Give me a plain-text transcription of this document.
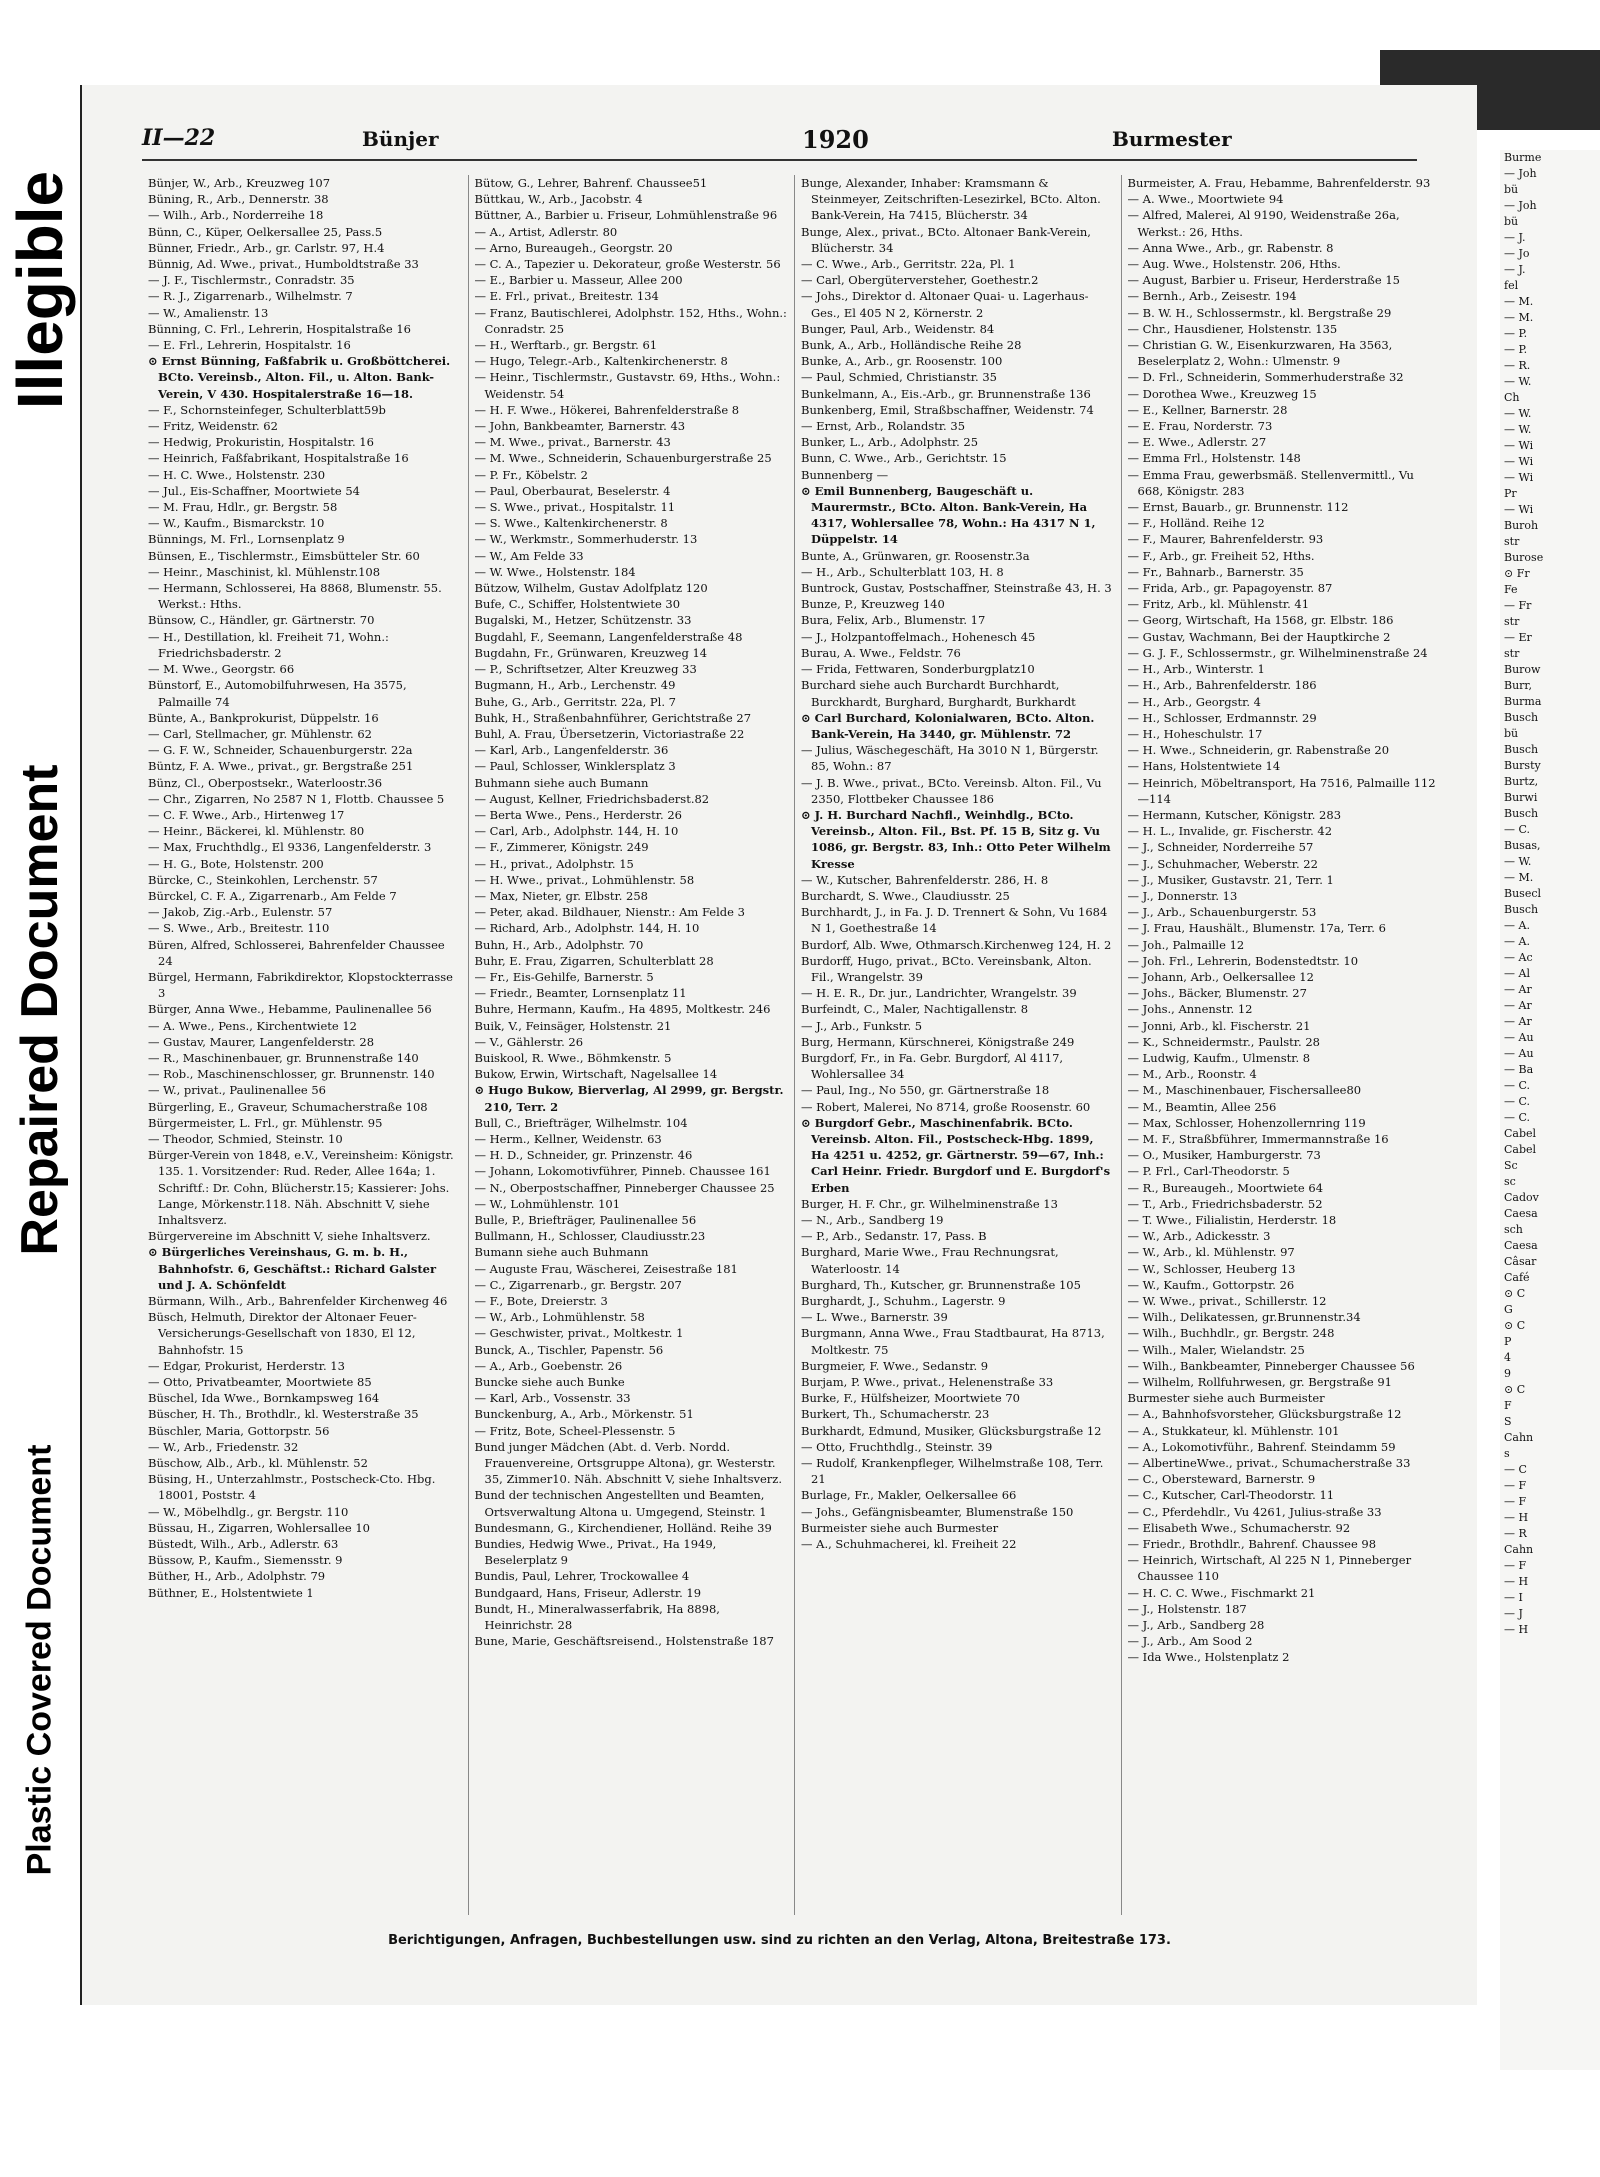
Illegible
Repaired Document
Plastic Covered Document
II—22	Bünjer	1920	Burmester

Bünjer, W., Arb., Kreuzweg 107

Büning, R., Arb., Dennerstr. 38

— Wilh., Arb., Norderreihe 18

Bünn, C., Küper, Oelkersallee 25, Pass.5

Bünner, Friedr., Arb., gr. Carlstr. 97, H.4

Bünnig, Ad. Wwe., privat., Humboldtstraße 33

— J. F., Tischlermstr., Conradstr. 35

— R. J., Zigarrenarb., Wilhelmstr. 7

— W., Amalienstr. 13

Bünning, C. Frl., Lehrerin, Hospitalstraße 16

— E. Frl., Lehrerin, Hospitalstr. 16

⊙ Ernst Bünning, Faßfabrik u. Großböttcherei. BCto. Vereinsb., Alton. Fil., u. Alton. Bank-Verein, V 430. Hospitalerstraße 16—18.

— F., Schornsteinfeger, Schulterblatt59b

— Fritz, Weidenstr. 62

— Hedwig, Prokuristin, Hospitalstr. 16

— Heinrich, Faßfabrikant, Hospitalstraße 16

— H. C. Wwe., Holstenstr. 230

— Jul., Eis-Schaffner, Moortwiete 54

— M. Frau, Hdlr., gr. Bergstr. 58

— W., Kaufm., Bismarckstr. 10

Bünnings, M. Frl., Lornsenplatz 9

Bünsen, E., Tischlermstr., Eimsbütteler Str. 60

— Heinr., Maschinist, kl. Mühlenstr.108

— Hermann, Schlosserei, Ha 8868, Blumenstr. 55. Werkst.: Hths.

Bünsow, C., Händler, gr. Gärtnerstr. 70

— H., Destillation, kl. Freiheit 71, Wohn.: Friedrichsbaderstr. 2

— M. Wwe., Georgstr. 66

Bünstorf, E., Automobilfuhrwesen, Ha 3575, Palmaille 74

Bünte, A., Bankprokurist, Düppelstr. 16

— Carl, Stellmacher, gr. Mühlenstr. 62

— G. F. W., Schneider, Schauenburgerstr. 22a

Büntz, F. A. Wwe., privat., gr. Bergstraße 251

Bünz, Cl., Oberpostsekr., Waterloostr.36

— Chr., Zigarren, No 2587 N 1, Flottb. Chaussee 5

— C. F. Wwe., Arb., Hirtenweg 17

— Heinr., Bäckerei, kl. Mühlenstr. 80

— Max, Fruchthdlg., El 9336, Langenfelderstr. 3

— H. G., Bote, Holstenstr. 200

Bürcke, C., Steinkohlen, Lerchenstr. 57

Bürckel, C. F. A., Zigarrenarb., Am Felde 7

— Jakob, Zig.-Arb., Eulenstr. 57

— S. Wwe., Arb., Breitestr. 110

Büren, Alfred, Schlosserei, Bahrenfelder Chaussee 24

Bürgel, Hermann, Fabrikdirektor, Klopstockterrasse 3

Bürger, Anna Wwe., Hebamme, Paulinenallee 56

— A. Wwe., Pens., Kirchentwiete 12

— Gustav, Maurer, Langenfelderstr. 28

— R., Maschinenbauer, gr. Brunnenstraße 140

— Rob., Maschinenschlosser, gr. Brunnenstr. 140

— W., privat., Paulinenallee 56

Bürgerling, E., Graveur, Schumacherstraße 108

Bürgermeister, L. Frl., gr. Mühlenstr. 95

— Theodor, Schmied, Steinstr. 10

Bürger-Verein von 1848, e.V., Vereinsheim: Königstr. 135. 1. Vorsitzender: Rud. Reder, Allee 164a; 1. Schriftf.: Dr. Cohn, Blücherstr.15; Kassierer: Johs. Lange, Mörkenstr.118. Näh. Abschnitt V, siehe Inhaltsverz.

Bürgervereine im Abschnitt V, siehe Inhaltsverz.

⊙ Bürgerliches Vereinshaus, G. m. b. H., Bahnhofstr. 6, Geschäftst.: Richard Galster und J. A. Schönfeldt

Bürmann, Wilh., Arb., Bahrenfelder Kirchenweg 46

Büsch, Helmuth, Direktor der Altonaer Feuer-Versicherungs-Gesellschaft von 1830, El 12, Bahnhofstr. 15

— Edgar, Prokurist, Herderstr. 13

— Otto, Privatbeamter, Moortwiete 85

Büschel, Ida Wwe., Bornkampsweg 164

Büscher, H. Th., Brothdlr., kl. Westerstraße 35

Büschler, Maria, Gottorpstr. 56

— W., Arb., Friedenstr. 32

Büschow, Alb., Arb., kl. Mühlenstr. 52

Büsing, H., Unterzahlmstr., Postscheck-Cto. Hbg. 18001, Poststr. 4

— W., Möbelhdlg., gr. Bergstr. 110

Büssau, H., Zigarren, Wohlersallee 10

Büstedt, Wilh., Arb., Adlerstr. 63

Büssow, P., Kaufm., Siemensstr. 9

Büther, H., Arb., Adolphstr. 79

Büthner, E., Holstentwiete 1

Bütow, G., Lehrer, Bahrenf. Chaussee51

Büttkau, W., Arb., Jacobstr. 4

Büttner, A., Barbier u. Friseur, Lohmühlenstraße 96

— A., Artist, Adlerstr. 80

— Arno, Bureaugeh., Georgstr. 20

— C. A., Tapezier u. Dekorateur, große Westerstr. 56

— E., Barbier u. Masseur, Allee 200

— E. Frl., privat., Breitestr. 134

— Franz, Bautischlerei, Adolphstr. 152, Hths., Wohn.: Conradstr. 25

— H., Werftarb., gr. Bergstr. 61

— Hugo, Telegr.-Arb., Kaltenkirchenerstr. 8

— Heinr., Tischlermstr., Gustavstr. 69, Hths., Wohn.: Weidenstr. 54

— H. F. Wwe., Hökerei, Bahrenfelderstraße 8

— John, Bankbeamter, Barnerstr. 43

— M. Wwe., privat., Barnerstr. 43

— M. Wwe., Schneiderin, Schauenburgerstraße 25

— P. Fr., Köbelstr. 2

— Paul, Oberbaurat, Beselerstr. 4

— S. Wwe., privat., Hospitalstr. 11

— S. Wwe., Kaltenkirchenerstr. 8

— W., Werkmstr., Sommerhuderstr. 13

— W., Am Felde 33

— W. Wwe., Holstenstr. 184

Bützow, Wilhelm, Gustav Adolfplatz 120

Bufe, C., Schiffer, Holstentwiete 30

Bugalski, M., Hetzer, Schützenstr. 33

Bugdahl, F., Seemann, Langenfelderstraße 48

Bugdahn, Fr., Grünwaren, Kreuzweg 14

— P., Schriftsetzer, Alter Kreuzweg 33

Bugmann, H., Arb., Lerchenstr. 49

Buhe, G., Arb., Gerritstr. 22a, Pl. 7

Buhk, H., Straßenbahnführer, Gerichtstraße 27

Buhl, A. Frau, Übersetzerin, Victoriastraße 22

— Karl, Arb., Langenfelderstr. 36

— Paul, Schlosser, Winklersplatz 3

Buhmann siehe auch Bumann

— August, Kellner, Friedrichsbaderst.82

— Berta Wwe., Pens., Herderstr. 26

— Carl, Arb., Adolphstr. 144, H. 10

— F., Zimmerer, Königstr. 249

— H., privat., Adolphstr. 15

— H. Wwe., privat., Lohmühlenstr. 58

— Max, Nieter, gr. Elbstr. 258

— Peter, akad. Bildhauer, Nienstr.: Am Felde 3

— Richard, Arb., Adolphstr. 144, H. 10

Buhn, H., Arb., Adolphstr. 70

Buhr, E. Frau, Zigarren, Schulterblatt 28

— Fr., Eis-Gehilfe, Barnerstr. 5

— Friedr., Beamter, Lornsenplatz 11

Buhre, Hermann, Kaufm., Ha 4895, Moltkestr. 246

Buik, V., Feinsäger, Holstenstr. 21

— V., Gählerstr. 26

Buiskool, R. Wwe., Böhmkenstr. 5

Bukow, Erwin, Wirtschaft, Nagelsallee 14

⊙ Hugo Bukow, Bierverlag, Al 2999, gr. Bergstr. 210, Terr. 2

Bull, C., Briefträger, Wilhelmstr. 104

— Herm., Kellner, Weidenstr. 63

— H. D., Schneider, gr. Prinzenstr. 46

— Johann, Lokomotivführer, Pinneb. Chaussee 161

— N., Oberpostschaffner, Pinneberger Chaussee 25

— W., Lohmühlenstr. 101

Bulle, P., Briefträger, Paulinenallee 56

Bullmann, H., Schlosser, Claudiusstr.23

Bumann siehe auch Buhmann

— Auguste Frau, Wäscherei, Zeisestraße 181

— C., Zigarrenarb., gr. Bergstr. 207

— F., Bote, Dreierstr. 3

— W., Arb., Lohmühlenstr. 58

— Geschwister, privat., Moltkestr. 1

Bunck, A., Tischler, Papenstr. 56

— A., Arb., Goebenstr. 26

Buncke siehe auch Bunke

— Karl, Arb., Vossenstr. 33

Bunckenburg, A., Arb., Mörkenstr. 51

— Fritz, Bote, Scheel-Plessenstr. 5

Bund junger Mädchen (Abt. d. Verb. Nordd. Frauenvereine, Ortsgruppe Altona), gr. Westerstr. 35, Zimmer10. Näh. Abschnitt V, siehe Inhaltsverz.

Bund der technischen Angestellten und Beamten, Ortsverwaltung Altona u. Umgegend, Steinstr. 1

Bundesmann, G., Kirchendiener, Holländ. Reihe 39

Bundies, Hedwig Wwe., Privat., Ha 1949, Beselerplatz 9

Bundis, Paul, Lehrer, Trockowallee 4

Bundgaard, Hans, Friseur, Adlerstr. 19

Bundt, H., Mineralwasserfabrik, Ha 8898, Heinrichstr. 28

Bune, Marie, Geschäftsreisend., Holstenstraße 187

Bunge, Alexander, Inhaber: Kramsmann & Steinmeyer, Zeitschriften-Lesezirkel, BCto. Alton. Bank-Verein, Ha 7415, Blücherstr. 34

Bunge, Alex., privat., BCto. Altonaer Bank-Verein, Blücherstr. 34

— C. Wwe., Arb., Gerritstr. 22a, Pl. 1

— Carl, Obergüterversteher, Goethestr.2

— Johs., Direktor d. Altonaer Quai- u. Lagerhaus-Ges., El 405 N 2, Körnerstr. 2

Bunger, Paul, Arb., Weidenstr. 84

Bunk, A., Arb., Holländische Reihe 28

Bunke, A., Arb., gr. Roosenstr. 100

— Paul, Schmied, Christianstr. 35

Bunkelmann, A., Eis.-Arb., gr. Brunnenstraße 136

Bunkenberg, Emil, Straßbschaffner, Weidenstr. 74

— Ernst, Arb., Rolandstr. 35

Bunker, L., Arb., Adolphstr. 25

Bunn, C. Wwe., Arb., Gerichtstr. 15

Bunnenberg —

⊙ Emil Bunnenberg, Baugeschäft u. Maurermstr., BCto. Alton. Bank-Verein, Ha 4317, Wohlersallee 78, Wohn.: Ha 4317 N 1, Düppelstr. 14

Bunte, A., Grünwaren, gr. Roosenstr.3a

— H., Arb., Schulterblatt 103, H. 8

Buntrock, Gustav, Postschaffner, Steinstraße 43, H. 3

Bunze, P., Kreuzweg 140

Bura, Felix, Arb., Blumenstr. 17

— J., Holzpantoffelmach., Hohenesch 45

Burau, A. Wwe., Feldstr. 76

— Frida, Fettwaren, Sonderburgplatz10

Burchard siehe auch Burchardt Burchhardt, Burckhardt, Burghard, Burghardt, Burkhardt

⊙ Carl Burchard, Kolonialwaren, BCto. Alton. Bank-Verein, Ha 3440, gr. Mühlenstr. 72

— Julius, Wäschegeschäft, Ha 3010 N 1, Bürgerstr. 85, Wohn.: 87

— J. B. Wwe., privat., BCto. Vereinsb. Alton. Fil., Vu 2350, Flottbeker Chaussee 186

⊙ J. H. Burchard Nachfl., Weinhdlg., BCto. Vereinsb., Alton. Fil., Bst. Pf. 15 B, Sitz g. Vu 1086, gr. Bergstr. 83, Inh.: Otto Peter Wilhelm Kresse

— W., Kutscher, Bahrenfelderstr. 286, H. 8

Burchardt, S. Wwe., Claudiusstr. 25

Burchhardt, J., in Fa. J. D. Trennert & Sohn, Vu 1684 N 1, Goethestraße 14

Burdorf, Alb. Wwe, Othmarsch.Kirchenweg 124, H. 2

Burdorff, Hugo, privat., BCto. Vereinsbank, Alton. Fil., Wrangelstr. 39

— H. E. R., Dr. jur., Landrichter, Wrangelstr. 39

Burfeindt, C., Maler, Nachtigallenstr. 8

— J., Arb., Funkstr. 5

Burg, Hermann, Kürschnerei, Königstraße 249

Burgdorf, Fr., in Fa. Gebr. Burgdorf, Al 4117, Wohlersallee 34

— Paul, Ing., No 550, gr. Gärtnerstraße 18

— Robert, Malerei, No 8714, große Roosenstr. 60

⊙ Burgdorf Gebr., Maschinenfabrik. BCto. Vereinsb. Alton. Fil., Postscheck-Hbg. 1899, Ha 4251 u. 4252, gr. Gärtnerstr. 59—67, Inh.: Carl Heinr. Friedr. Burgdorf und E. Burgdorf's Erben

Burger, H. F. Chr., gr. Wilhelminenstraße 13

— N., Arb., Sandberg 19

— P., Arb., Sedanstr. 17, Pass. B

Burghard, Marie Wwe., Frau Rechnungsrat, Waterloostr. 14

Burghard, Th., Kutscher, gr. Brunnenstraße 105

Burghardt, J., Schuhm., Lagerstr. 9

— L. Wwe., Barnerstr. 39

Burgmann, Anna Wwe., Frau Stadtbaurat, Ha 8713, Moltkestr. 75

Burgmeier, F. Wwe., Sedanstr. 9

Burjam, P. Wwe., privat., Helenenstraße 33

Burke, F., Hülfsheizer, Moortwiete 70

Burkert, Th., Schumacherstr. 23

Burkhardt, Edmund, Musiker, Glücksburgstraße 12

— Otto, Fruchthdlg., Steinstr. 39

— Rudolf, Krankenpfleger, Wilhelmstraße 108, Terr. 21

Burlage, Fr., Makler, Oelkersallee 66

— Johs., Gefängnisbeamter, Blumenstraße 150

Burmeister siehe auch Burmester

— A., Schuhmacherei, kl. Freiheit 22

Burmeister, A. Frau, Hebamme, Bahrenfelderstr. 93

— A. Wwe., Moortwiete 94

— Alfred, Malerei, Al 9190, Weidenstraße 26a, Werkst.: 26, Hths.

— Anna Wwe., Arb., gr. Rabenstr. 8

— Aug. Wwe., Holstenstr. 206, Hths.

— August, Barbier u. Friseur, Herderstraße 15

— Bernh., Arb., Zeisestr. 194

— B. W. H., Schlossermstr., kl. Bergstraße 29

— Chr., Hausdiener, Holstenstr. 135

— Christian G. W., Eisenkurzwaren, Ha 3563, Beselerplatz 2, Wohn.: Ulmenstr. 9

— D. Frl., Schneiderin, Sommerhuderstraße 32

— Dorothea Wwe., Kreuzweg 15

— E., Kellner, Barnerstr. 28

— E. Frau, Norderstr. 73

— E. Wwe., Adlerstr. 27

— Emma Frl., Holstenstr. 148

— Emma Frau, gewerbsmäß. Stellenvermittl., Vu 668, Königstr. 283

— Ernst, Bauarb., gr. Brunnenstr. 112

— F., Holländ. Reihe 12

— F., Maurer, Bahrenfelderstr. 93

— F., Arb., gr. Freiheit 52, Hths.

— Fr., Bahnarb., Barnerstr. 35

— Frida, Arb., gr. Papagoyenstr. 87

— Fritz, Arb., kl. Mühlenstr. 41

— Georg, Wirtschaft, Ha 1568, gr. Elbstr. 186

— Gustav, Wachmann, Bei der Hauptkirche 2

— G. J. F., Schlossermstr., gr. Wilhelminenstraße 24

— H., Arb., Winterstr. 1

— H., Arb., Bahrenfelderstr. 186

— H., Arb., Georgstr. 4

— H., Schlosser, Erdmannstr. 29

— H., Hoheschulstr. 17

— H. Wwe., Schneiderin, gr. Rabenstraße 20

— Hans, Holstentwiete 14

— Heinrich, Möbeltransport, Ha 7516, Palmaille 112—114

— Hermann, Kutscher, Königstr. 283

— H. L., Invalide, gr. Fischerstr. 42

— J., Schneider, Norderreihe 57

— J., Schuhmacher, Weberstr. 22

— J., Musiker, Gustavstr. 21, Terr. 1

— J., Donnerstr. 13

— J., Arb., Schauenburgerstr. 53

— J. Frau, Haushält., Blumenstr. 17a, Terr. 6

— Joh., Palmaille 12

— Joh. Frl., Lehrerin, Bodenstedtstr. 10

— Johann, Arb., Oelkersallee 12

— Johs., Bäcker, Blumenstr. 27

— Johs., Annenstr. 12

— Jonni, Arb., kl. Fischerstr. 21

— K., Schneidermstr., Paulstr. 28

— Ludwig, Kaufm., Ulmenstr. 8

— M., Arb., Roonstr. 4

— M., Maschinenbauer, Fischersallee80

— M., Beamtin, Allee 256

— Max, Schlosser, Hohenzollernring 119

— M. F., Straßbführer, Immermannstraße 16

— O., Musiker, Hamburgerstr. 73

— P. Frl., Carl-Theodorstr. 5

— R., Bureaugeh., Moortwiete 64

— T., Arb., Friedrichsbaderstr. 52

— T. Wwe., Filialistin, Herderstr. 18

— W., Arb., Adickesstr. 3

— W., Arb., kl. Mühlenstr. 97

— W., Schlosser, Heuberg 13

— W., Kaufm., Gottorpstr. 26

— W. Wwe., privat., Schillerstr. 12

— Wilh., Delikatessen, gr.Brunnenstr.34

— Wilh., Buchhdlr., gr. Bergstr. 248

— Wilh., Maler, Wielandstr. 25

— Wilh., Bankbeamter, Pinneberger Chaussee 56

— Wilhelm, Rollfuhrwesen, gr. Bergstraße 91

Burmester siehe auch Burmeister

— A., Bahnhofsvorsteher, Glücksburgstraße 12

— A., Stukkateur, kl. Mühlenstr. 101

— A., Lokomotivführ., Bahrenf. Steindamm 59

— AlbertineWwe., privat., Schumacherstraße 33

— C., Obersteward, Barnerstr. 9

— C., Kutscher, Carl-Theodorstr. 11

— C., Pferdehdlr., Vu 4261, Julius-straße 33

— Elisabeth Wwe., Schumacherstr. 92

— Friedr., Brothdlr., Bahrenf. Chaussee 98

— Heinrich, Wirtschaft, Al 225 N 1, Pinneberger Chaussee 110

— H. C. C. Wwe., Fischmarkt 21

— J., Holstenstr. 187

— J., Arb., Sandberg 28

— J., Arb., Am Sood 2

— Ida Wwe., Holstenplatz 2

Berichtigungen, Anfragen, Buchbestellungen usw. sind zu richten an den Verlag, Altona, Breitestraße 173.
Burme
— Joh
bü
— Joh
bü
— J.
— Jo
— J.
fel
— M.
— M.
— P.
— P.
— R.
— W.
Ch
— W.
— W.
— Wi
— Wi
— Wi
Pr
— Wi
Buroh
str
Burose
⊙ Fr
Fe
— Fr
str
— Er
str
Burow
Burr,
Burma
Busch
bü
Busch
Bursty
Burtz,
Burwi
Busch
— C.
Busas,
— W.
— M.
Busecl
Busch
— A.
— A.
— Ac
— Al
— Ar
— Ar
— Ar
— Au
— Au
— Ba
— C.
— C.
— C.
Cabel
Cabel
Sc
sc
Cadov
Caesa
sch
Caesa
Câsar
Café
⊙ C
G
⊙ C
P
4
9
⊙ C
F
S
Cahn
s
— C
— F
— F
— H
— R
Cahn
— F
— H
— I
— J
— H
